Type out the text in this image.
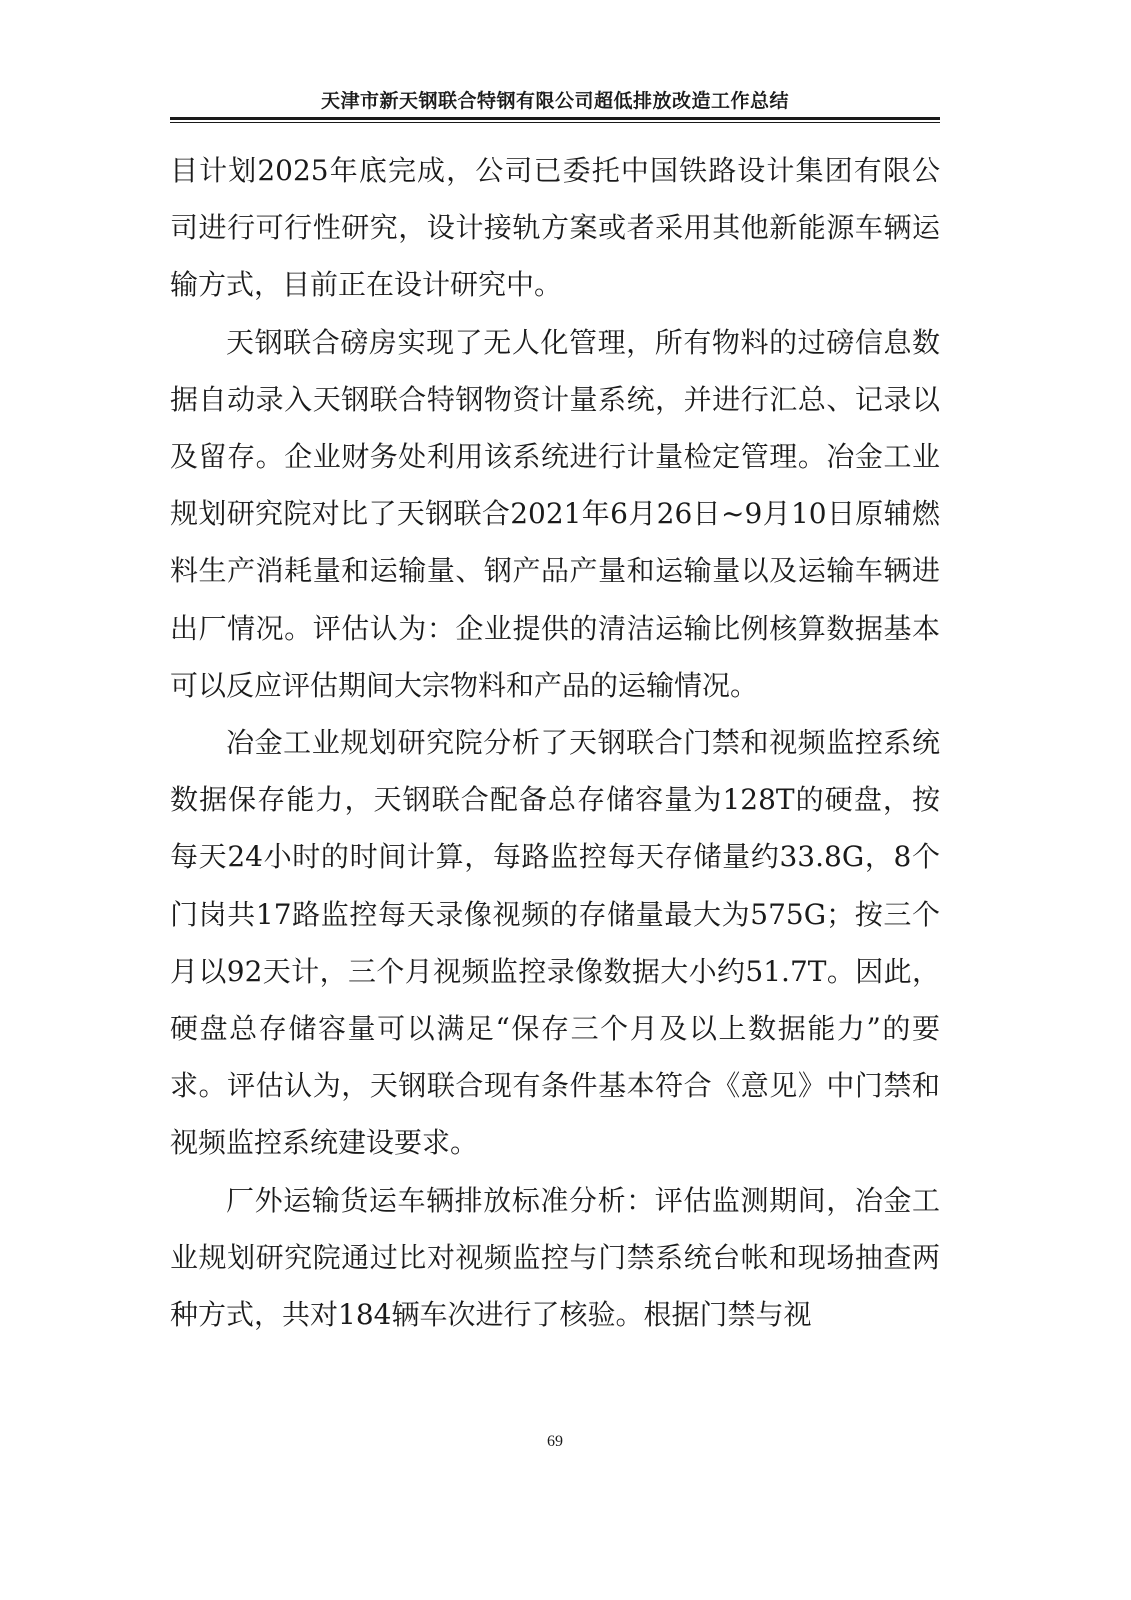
天津市新天钢联合特钢有限公司超低排放改造工作总结

目计划2025年底完成，公司已委托中国铁路设计集团有限公司进行可行性研究，设计接轨方案或者采用其他新能源车辆运输方式，目前正在设计研究中。

天钢联合磅房实现了无人化管理，所有物料的过磅信息数据自动录入天钢联合特钢物资计量系统，并进行汇总、记录以及留存。企业财务处利用该系统进行计量检定管理。冶金工业规划研究院对比了天钢联合2021年6月26日~9月10日原辅燃料生产消耗量和运输量、钢产品产量和运输量以及运输车辆进出厂情况。评估认为：企业提供的清洁运输比例核算数据基本可以反应评估期间大宗物料和产品的运输情况。

冶金工业规划研究院分析了天钢联合门禁和视频监控系统数据保存能力，天钢联合配备总存储容量为128T的硬盘，按每天24小时的时间计算，每路监控每天存储量约33.8G，8个门岗共17路监控每天录像视频的存储量最大为575G；按三个月以92天计，三个月视频监控录像数据大小约51.7T。因此，硬盘总存储容量可以满足“保存三个月及以上数据能力”的要求。评估认为，天钢联合现有条件基本符合《意见》中门禁和视频监控系统建设要求。

厂外运输货运车辆排放标准分析：评估监测期间，冶金工业规划研究院通过比对视频监控与门禁系统台帐和现场抽查两种方式，共对184辆车次进行了核验。根据门禁与视

69
